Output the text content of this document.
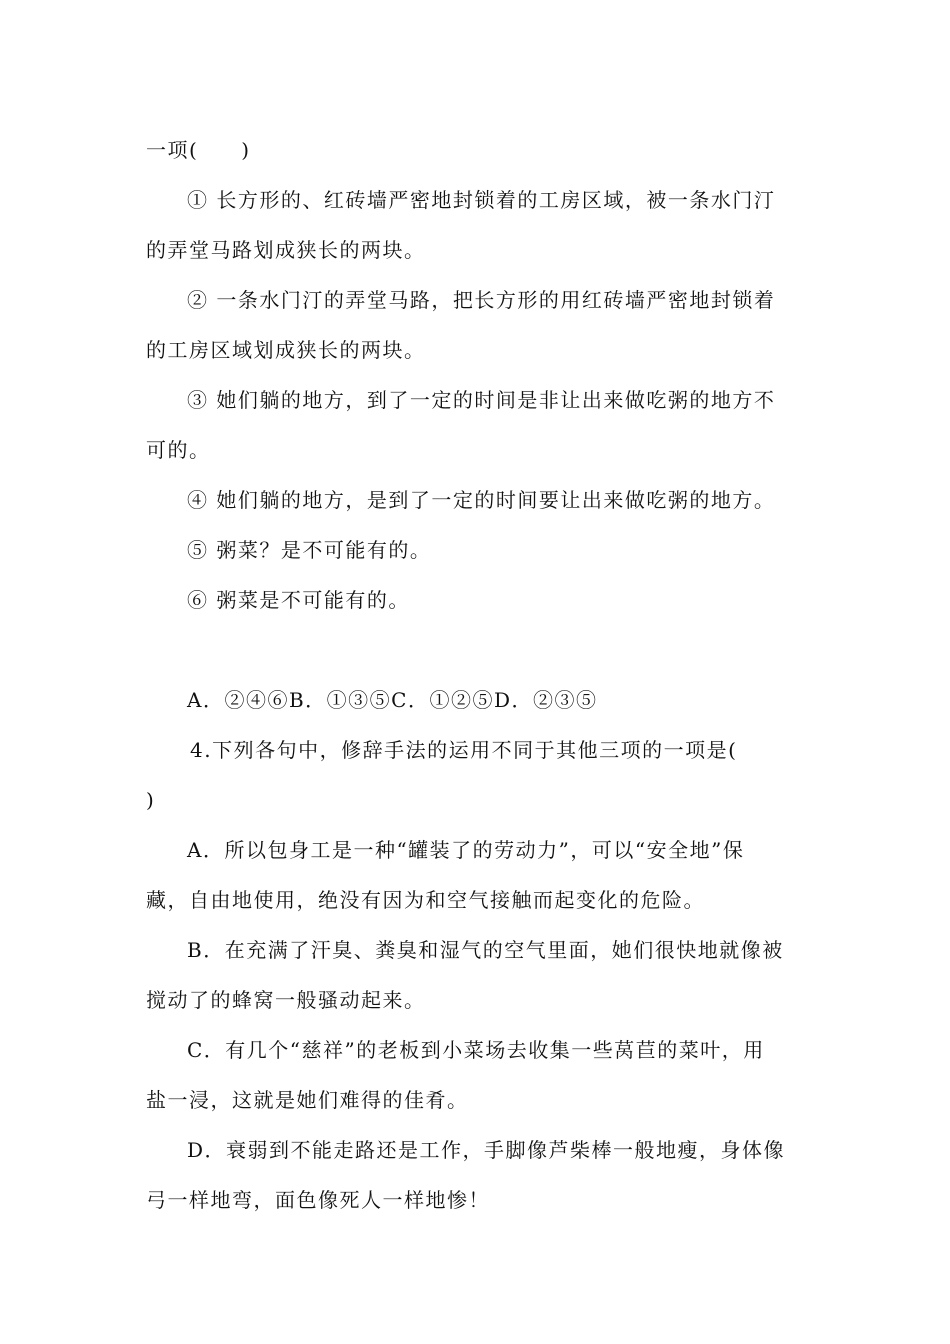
一项(　　)
① 长方形的、红砖墙严密地封锁着的工房区域，被一条水门汀
的弄堂马路划成狭长的两块。
② 一条水门汀的弄堂马路，把长方形的用红砖墙严密地封锁着
的工房区域划成狭长的两块。
③ 她们躺的地方，到了一定的时间是非让出来做吃粥的地方不
可的。
④ 她们躺的地方，是到了一定的时间要让出来做吃粥的地方。
⑤ 粥菜？是不可能有的。
⑥ 粥菜是不可能有的。
A．②④⑥B．①③⑤C．①②⑤D．②③⑤
4.下列各句中，修辞手法的运用不同于其他三项的一项是(
)
A．所以包身工是一种“罐装了的劳动力”，可以“安全地”保
藏，自由地使用，绝没有因为和空气接触而起变化的危险。
B．在充满了汗臭、粪臭和湿气的空气里面，她们很快地就像被
搅动了的蜂窝一般骚动起来。
C．有几个“慈祥”的老板到小菜场去收集一些莴苣的菜叶，用
盐一浸，这就是她们难得的佳肴。
D．衰弱到不能走路还是工作，手脚像芦柴棒一般地瘦，身体像
弓一样地弯，面色像死人一样地惨！
